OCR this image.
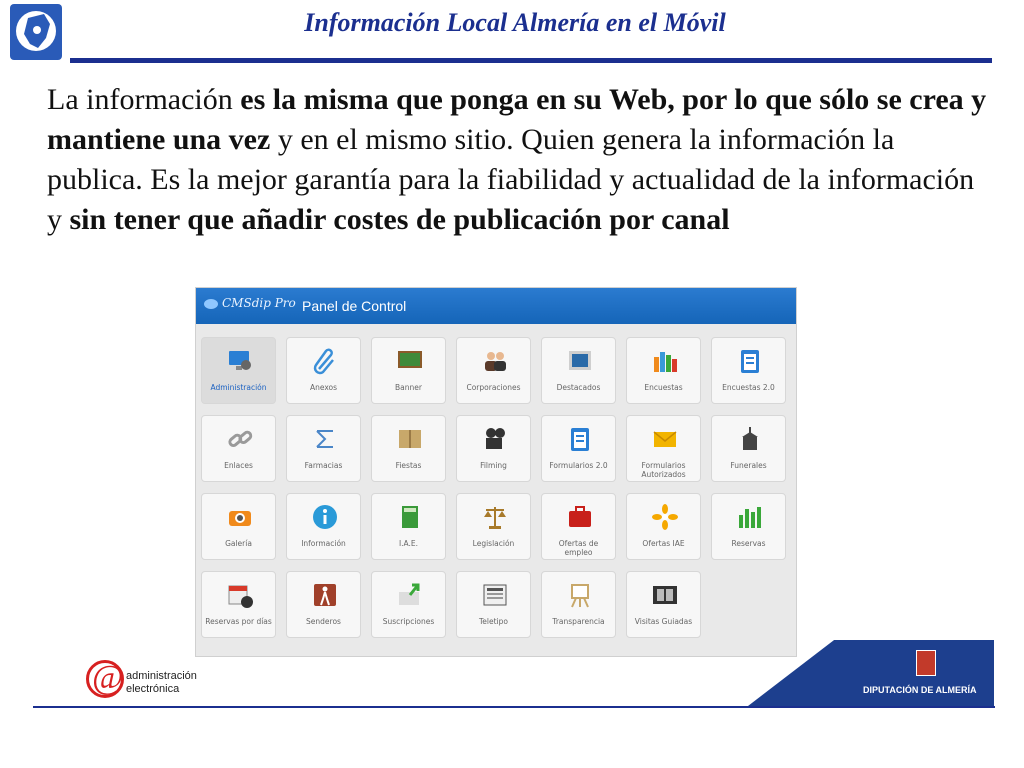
Información Local Almería en el Móvil
La información es la misma que ponga en su Web, por lo que sólo se crea y mantiene una vez y en el mismo sitio. Quien genera la información la publica. Es la mejor garantía para la fiabilidad y actualidad de la información y sin tener que añadir costes de publicación por canal
CMSdip Pro Panel de Control
Administración	Anexos	Banner	Corporaciones	Destacados	Encuestas	Encuestas 2.0
Enlaces	Farmacias	Fiestas	Filming	Formularios 2.0	Formularios Autorizados
Funerales
Galería	Información	I.A.E.	Legislación	Ofertas de empleo
Ofertas IAE	Reservas
Reservas por días	Senderos	Suscripciones	Teletipo	Transparencia	Visitas Guiadas
@ administración
electrónica	DIPUTACIÓN DE ALMERÍA
